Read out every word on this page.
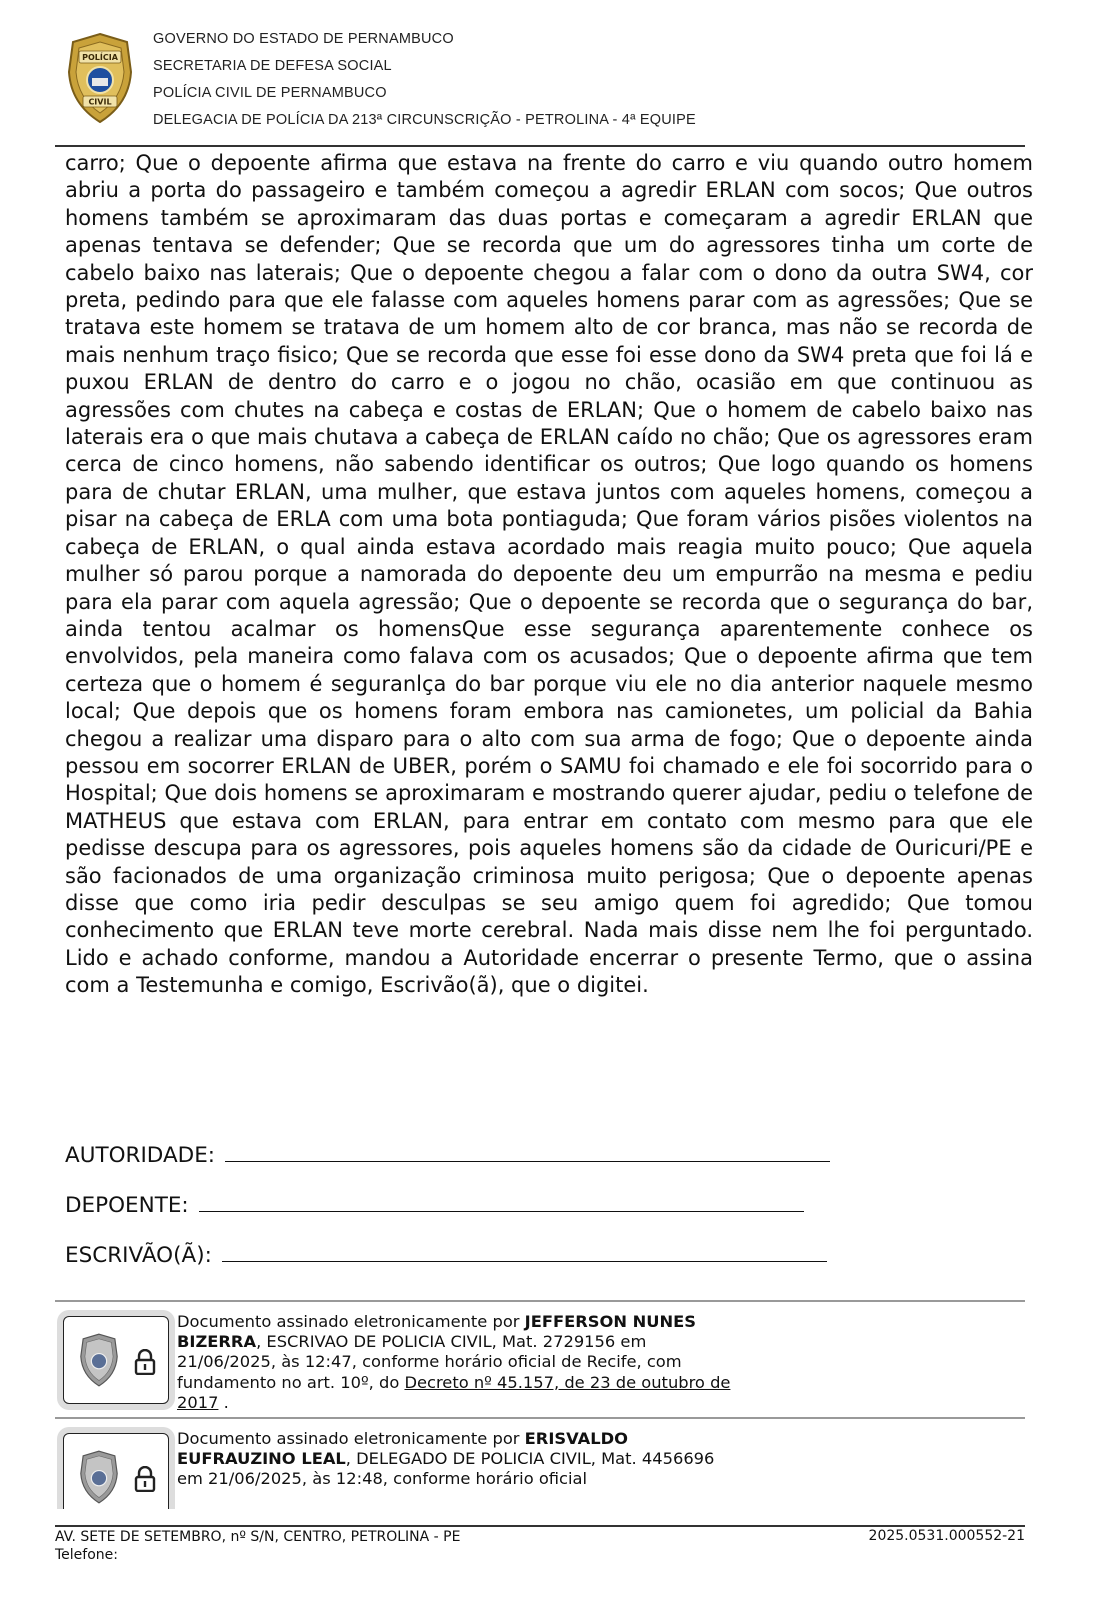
POLÍCIA
CIVIL
GOVERNO DO ESTADO DE PERNAMBUCO
SECRETARIA DE DEFESA SOCIAL
POLÍCIA CIVIL DE PERNAMBUCO
DELEGACIA DE POLÍCIA DA 213ª CIRCUNSCRIÇÃO - PETROLINA - 4ª EQUIPE
carro; Que o depoente afirma que estava na frente do carro e viu quando outro homem abriu a porta do passageiro e também começou a agredir ERLAN com socos; Que outros homens também se aproximaram das duas portas e começaram a agredir ERLAN que apenas tentava se defender; Que se recorda que um do agressores tinha um corte de cabelo baixo nas laterais; Que o depoente chegou a falar com o dono da outra SW4, cor preta, pedindo para que ele falasse com aqueles homens parar com as agressões; Que se tratava este homem se tratava de um homem alto de cor branca, mas não se recorda de mais nenhum traço fisico; Que se recorda que esse foi esse dono da SW4 preta que foi lá e puxou ERLAN de dentro do carro e o jogou no chão, ocasião em que continuou as agressões com chutes na cabeça e costas de ERLAN; Que o homem de cabelo baixo nas laterais era o que mais chutava a cabeça de ERLAN caído no chão; Que os agressores eram cerca de cinco homens, não sabendo identificar os outros; Que logo quando os homens para de chutar ERLAN, uma mulher, que estava juntos com aqueles homens, começou a pisar na cabeça de ERLA com uma bota pontiaguda; Que foram vários pisões violentos na cabeça de ERLAN, o qual ainda estava acordado mais reagia muito pouco; Que aquela mulher só parou porque a namorada do depoente deu um empurrão na mesma e pediu para ela parar com aquela agressão; Que o depoente se recorda que o segurança do bar, ainda tentou acalmar os homensQue esse segurança aparentemente conhece os envolvidos, pela maneira como falava com os acusados; Que o depoente afirma que tem certeza que o homem é seguranlça do bar porque viu ele no dia anterior naquele mesmo local; Que depois que os homens foram embora nas camionetes, um policial da Bahia chegou a realizar uma disparo para o alto com sua arma de fogo; Que o depoente ainda pessou em socorrer ERLAN de UBER, porém o SAMU foi chamado e ele foi socorrido para o Hospital; Que dois homens se aproximaram e mostrando querer ajudar, pediu o telefone de MATHEUS que estava com ERLAN, para entrar em contato com mesmo para que ele pedisse descupa para os agressores, pois aqueles homens são da cidade de Ouricuri/PE e são facionados de uma organização criminosa muito perigosa; Que o depoente apenas disse que como iria pedir desculpas se seu amigo quem foi agredido; Que tomou conhecimento que ERLAN teve morte cerebral. Nada mais disse nem lhe foi perguntado. Lido e achado conforme, mandou a Autoridade encerrar o presente Termo, que o assina com a Testemunha e comigo, Escrivão(ã), que o digitei.
AUTORIDADE:
DEPOENTE:
ESCRIVÃO(Ã):
Documento assinado eletronicamente por JEFFERSON NUNES BIZERRA, ESCRIVAO DE POLICIA CIVIL, Mat. 2729156 em 21/06/2025, às 12:47, conforme horário oficial de Recife, com fundamento no art. 10º, do Decreto nº 45.157, de 23 de outubro de 2017 .
Documento assinado eletronicamente por ERISVALDO EUFRAUZINO LEAL, DELEGADO DE POLICIA CIVIL, Mat. 4456696 em 21/06/2025, às 12:48, conforme horário oficial
AV. SETE DE SETEMBRO, nº S/N, CENTRO, PETROLINA - PE
Telefone:
2025.0531.000552-21
